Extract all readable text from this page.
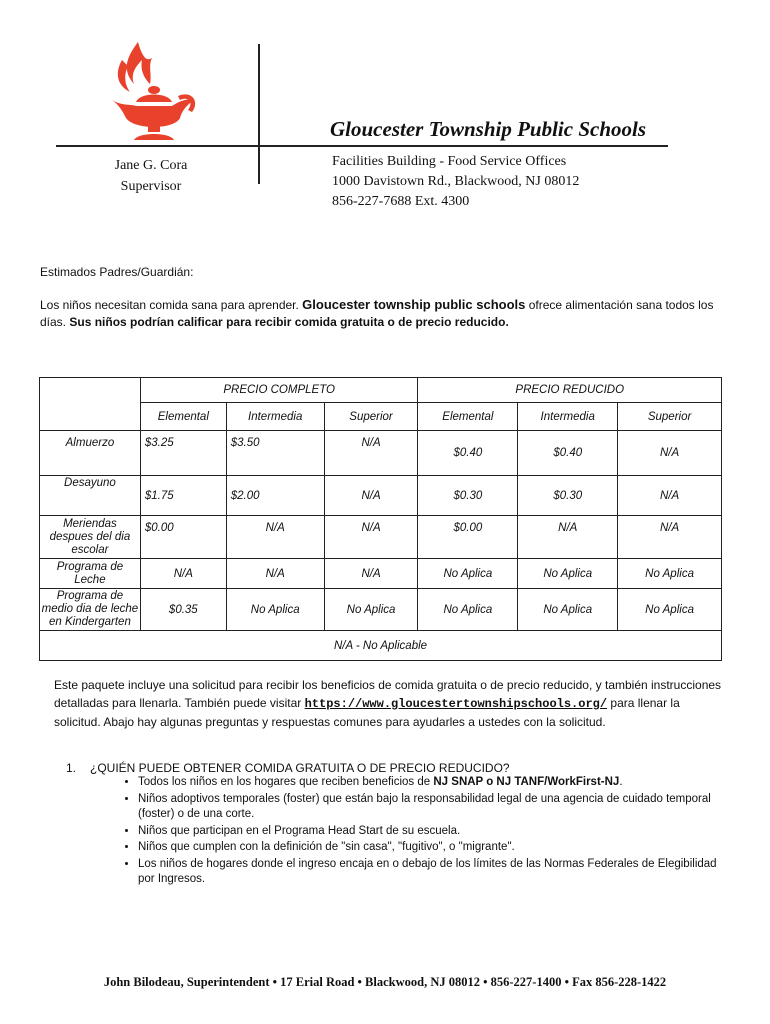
Gloucester Township Public Schools
Jane G. Cora
Supervisor
Facilities Building - Food Service Offices
1000 Davistown Rd., Blackwood, NJ 08012
856-227-7688 Ext. 4300
Estimados Padres/Guardián:
Los niños necesitan comida sana para aprender. Gloucester township public schools ofrece alimentación sana todos los días. Sus niños podrían calificar para recibir comida gratuita o de precio reducido.
	PRECIO COMPLETO			PRECIO REDUCIDO		
	Elemental	Intermedia	Superior	Elemental	Intermedia	Superior
Almuerzo	$3.25	$3.50	N/A	$0.40	$0.40	N/A
Desayuno	$1.75	$2.00	N/A	$0.30	$0.30	N/A
Meriendas despues del dia escolar	$0.00	N/A	N/A	$0.00	N/A	N/A
Programa de Leche	N/A	N/A	N/A	No Aplica	No Aplica	No Aplica
Programa de medio dia de leche en Kindergarten	$0.35	No Aplica	No Aplica	No Aplica	No Aplica	No Aplica
N/A - No Aplicable						
Este paquete incluye una solicitud para recibir los beneficios de comida gratuita o de precio reducido, y también instrucciones detalladas para llenarla. También puede visitar https://www.gloucestertownshipschools.org/ para llenar la solicitud. Abajo hay algunas preguntas y respuestas comunes para ayudarles a ustedes con la solicitud.
1. ¿QUIÉN PUEDE OBTENER COMIDA GRATUITA O DE PRECIO REDUCIDO?
• Todos los niños en los hogares que reciben beneficios de NJ SNAP o NJ TANF/WorkFirst-NJ.
• Niños adoptivos temporales (foster) que están bajo la responsabilidad legal de una agencia de cuidado temporal (foster) o de una corte.
• Niños que participan en el Programa Head Start de su escuela.
• Niños que cumplen con la definición de "sin casa", "fugitivo", o "migrante".
• Los niños de hogares donde el ingreso encaja en o debajo de los límites de las Normas Federales de Elegibilidad por Ingresos.
John Bilodeau, Superintendent • 17 Erial Road • Blackwood, NJ 08012 • 856-227-1400 • Fax 856-228-1422
